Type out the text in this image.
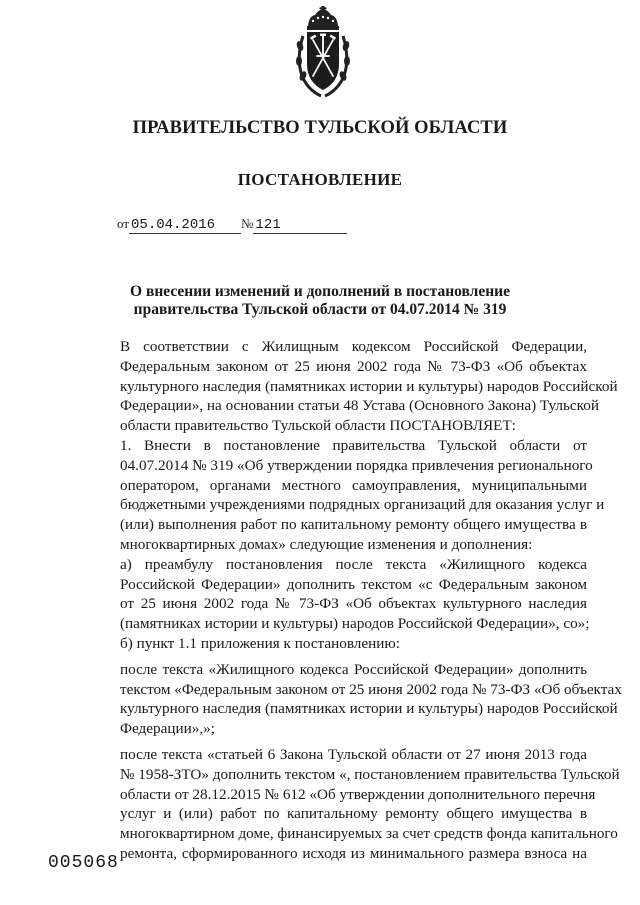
ПРАВИТЕЛЬСТВО ТУЛЬСКОЙ ОБЛАСТИ
ПОСТАНОВЛЕНИЕ
от 05.04.2016 № 121
О внесении изменений и дополнений в постановление
правительства Тульской области от 04.07.2014 № 319

В соответствии с Жилищным кодексом Российской Федерации,
Федеральным законом от 25 июня 2002 года № 73-ФЗ «Об объектах
культурного наследия (памятниках истории и культуры) народов Российской
Федерации», на основании статьи 48 Устава (Основного Закона) Тульской
области правительство Тульской области ПОСТАНОВЛЯЕТ:

1. Внести в постановление правительства Тульской области от
04.07.2014 № 319 «Об утверждении порядка привлечения регионального
оператором, органами местного самоуправления, муниципальными
бюджетными учреждениями подрядных организаций для оказания услуг и
(или) выполнения работ по капитальному ремонту общего имущества в
многоквартирных домах» следующие изменения и дополнения:

а) преамбулу постановления после текста «Жилищного кодекса
Российской Федерации» дополнить текстом «с Федеральным законом
от 25 июня 2002 года № 73-ФЗ «Об объектах культурного наследия
(памятниках истории и культуры) народов Российской Федерации», со»;

б) пункт 1.1 приложения к постановлению:

после текста «Жилищного кодекса Российской Федерации» дополнить
текстом «Федеральным законом от 25 июня 2002 года № 73-ФЗ «Об объектах
культурного наследия (памятниках истории и культуры) народов Российской
Федерации»,»;

после текста «статьей 6 Закона Тульской области от 27 июня 2013 года
№ 1958-ЗТО» дополнить текстом «, постановлением правительства Тульской
области от 28.12.2015 № 612 «Об утверждении дополнительного перечня
услуг и (или) работ по капитальному ремонту общего имущества в
многоквартирном доме, финансируемых за счет средств фонда капитального
ремонта, сформированного исходя из минимального размера взноса на

005068
